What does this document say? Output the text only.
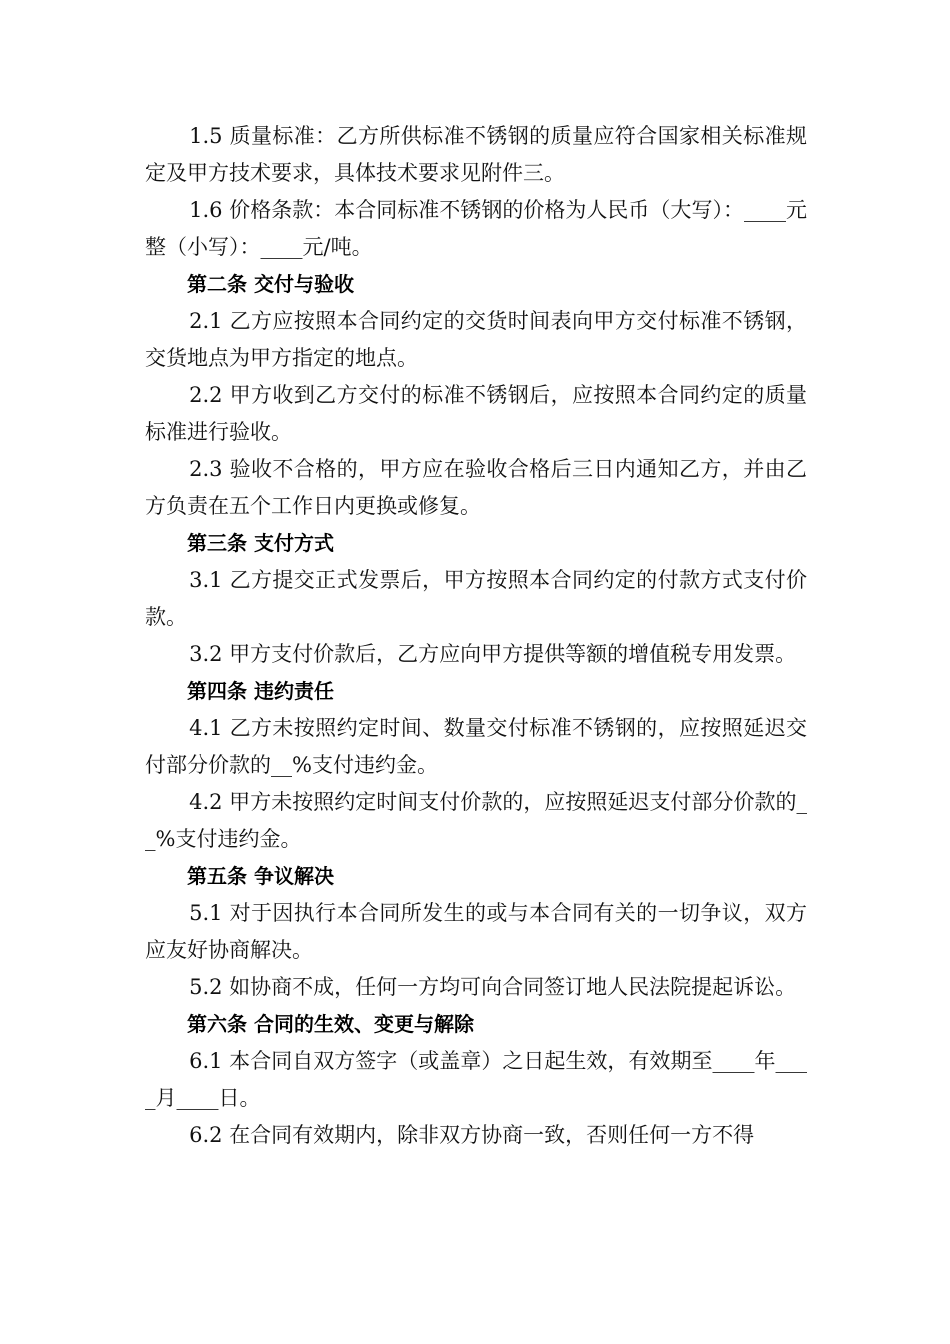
1.5 质量标准：乙方所供标准不锈钢的质量应符合国家相关标准规定及甲方技术要求，具体技术要求见附件三。

1.6 价格条款：本合同标准不锈钢的价格为人民币（大写）：____元整（小写）：____元/吨。

第二条 交付与验收

2.1 乙方应按照本合同约定的交货时间表向甲方交付标准不锈钢，交货地点为甲方指定的地点。

2.2 甲方收到乙方交付的标准不锈钢后，应按照本合同约定的质量标准进行验收。

2.3 验收不合格的，甲方应在验收合格后三日内通知乙方，并由乙方负责在五个工作日内更换或修复。

第三条 支付方式

3.1 乙方提交正式发票后，甲方按照本合同约定的付款方式支付价款。

3.2 甲方支付价款后，乙方应向甲方提供等额的增值税专用发票。

第四条 违约责任

4.1 乙方未按照约定时间、数量交付标准不锈钢的，应按照延迟交付部分价款的__%支付违约金。

4.2 甲方未按照约定时间支付价款的，应按照延迟支付部分价款的__%支付违约金。

第五条 争议解决

5.1 对于因执行本合同所发生的或与本合同有关的一切争议，双方应友好协商解决。

5.2 如协商不成，任何一方均可向合同签订地人民法院提起诉讼。

第六条 合同的生效、变更与解除

6.1 本合同自双方签字（或盖章）之日起生效，有效期至____年____月____日。

6.2 在合同有效期内，除非双方协商一致，否则任何一方不得
